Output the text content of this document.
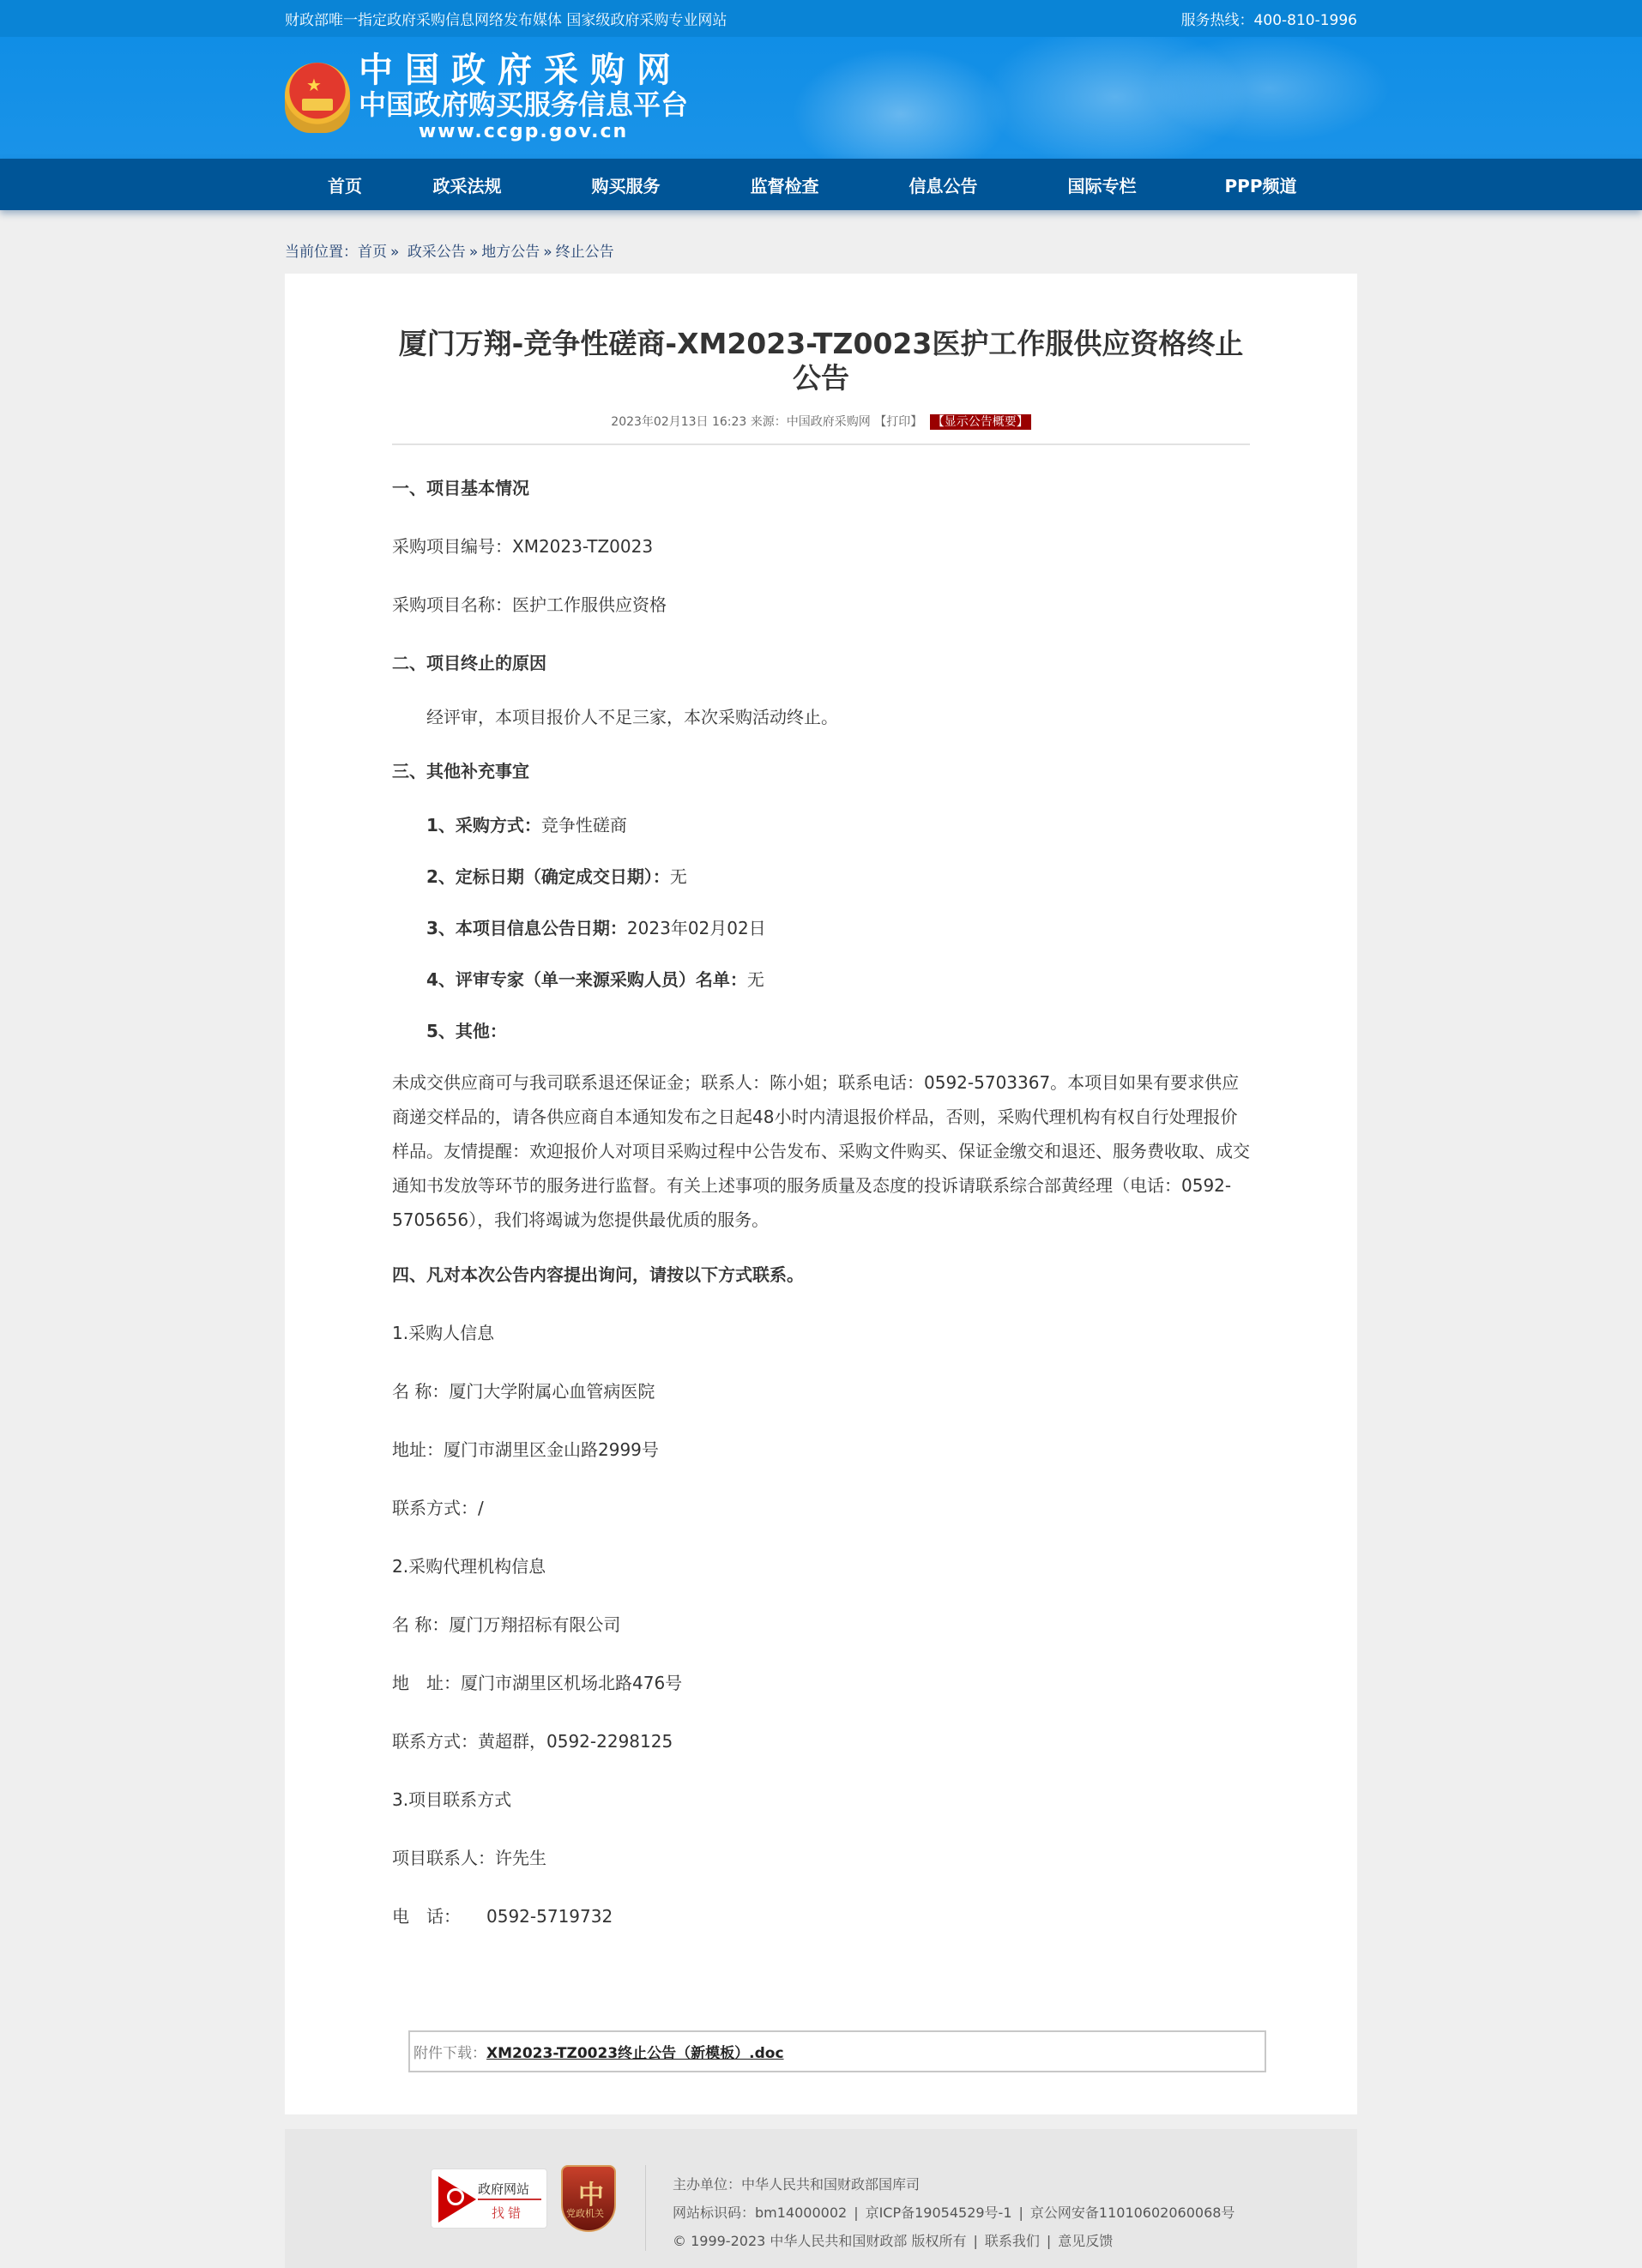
财政部唯一指定政府采购信息网络发布媒体 国家级政府采购专业网站	服务热线：400-810-1996
★ 中国政府采购网
中国政府购买服务信息平台
www.ccgp.gov.cn
首页	政采法规	购买服务	监督检查	信息公告	国际专栏	PPP频道
当前位置：首页 » 政采公告 » 地方公告 » 终止公告
厦门万翔-竞争性磋商-XM2023-TZ0023医护工作服供应资格终止公告
2023年02月13日 16:23 来源：中国政府采购网 【打印】 【显示公告概要】

一、项目基本情况

采购项目编号：XM2023-TZ0023

采购项目名称：医护工作服供应资格

二、项目终止的原因

经评审，本项目报价人不足三家，本次采购活动终止。

三、其他补充事宜

1、采购方式：竞争性磋商

2、定标日期（确定成交日期）：无

3、本项目信息公告日期：2023年02月02日

4、评审专家（单一来源采购人员）名单：无

5、其他：

未成交供应商可与我司联系退还保证金；联系人：陈小姐；联系电话：0592-5703367。本项目如果有要求供应商递交样品的，请各供应商自本通知发布之日起48小时内清退报价样品，否则，采购代理机构有权自行处理报价样品。友情提醒：欢迎报价人对项目采购过程中公告发布、采购文件购买、保证金缴交和退还、服务费收取、成交通知书发放等环节的服务进行监督。有关上述事项的服务质量及态度的投诉请联系综合部黄经理（电话：0592-5705656），我们将竭诚为您提供最优质的服务。

四、凡对本次公告内容提出询问，请按以下方式联系。

1.采购人信息

名 称：厦门大学附属心血管病医院

地址：厦门市湖里区金山路2999号

联系方式：/

2.采购代理机构信息

名 称：厦门万翔招标有限公司

地　址：厦门市湖里区机场北路476号

联系方式：黄超群，0592-2298125

3.项目联系方式

项目联系人：许先生

电　话：　　0592-5719732

附件下载： XM2023-TZ0023终止公告（新模板）.doc
政府网站
找错
中
党政机关
主办单位：中华人民共和国财政部国库司
网站标识码：bm14000002 | 京ICP备19054529号-1 | 京公网安备11010602060068号
© 1999-2023 中华人民共和国财政部 版权所有 | 联系我们 | 意见反馈
